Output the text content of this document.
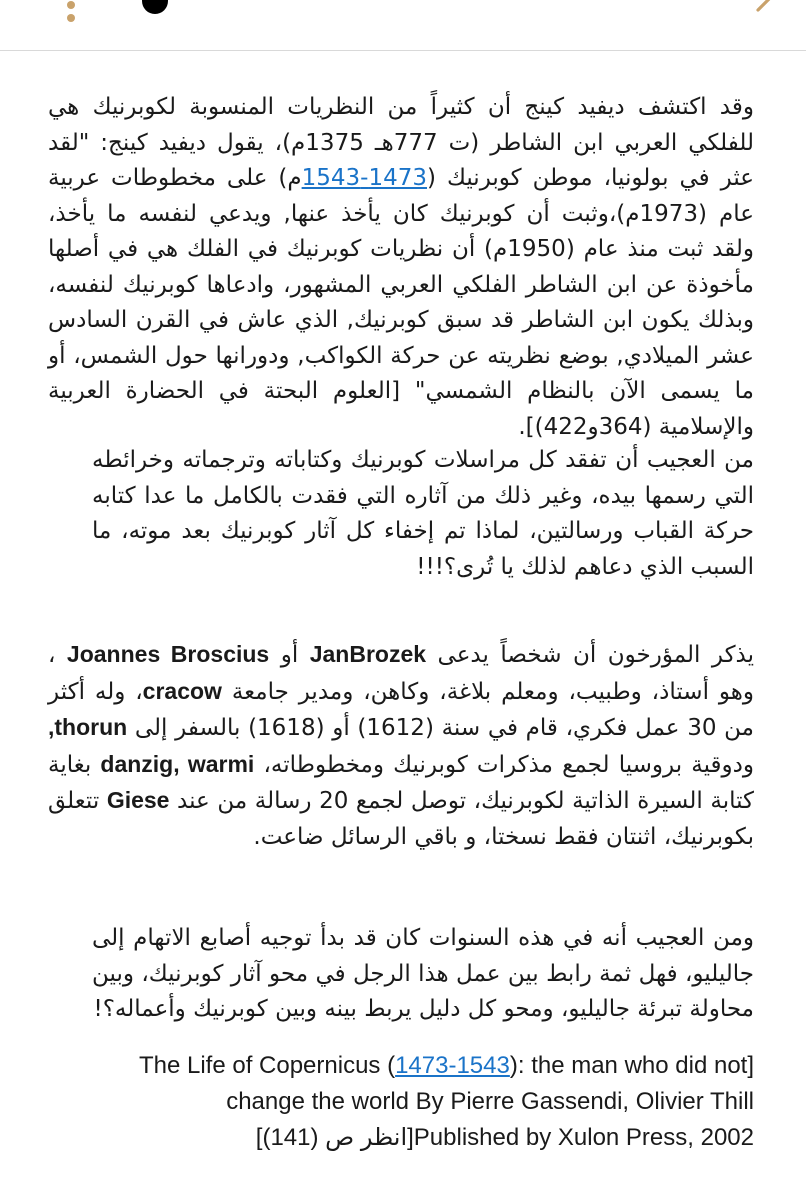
وقد اكتشف ديفيد كينج أن كثيراً من النظريات المنسوبة لكوبرنيك هي للفلكي العربي ابن الشاطر (ت 777هـ 1375م)، يقول ديفيد كينج: "لقد عثر في بولونيا، موطن كوبرنيك (1473-1543م) على مخطوطات عربية عام (1973م)،وثبت أن كوبرنيك كان يأخذ عنها, ويدعي لنفسه ما يأخذ، ولقد ثبت منذ عام (1950م) أن نظريات كوبرنيك في الفلك هي في أصلها مأخوذة عن ابن الشاطر الفلكي العربي المشهور، وادعاها كوبرنيك لنفسه، وبذلك يكون ابن الشاطر قد سبق كوبرنيك, الذي عاش في القرن السادس عشر الميلادي, بوضع نظريته عن حركة الكواكب, ودورانها حول الشمس، أو ما يسمى الآن بالنظام الشمسي" [العلوم البحتة في الحضارة العربية والإسلامية (364و422)].

من العجيب أن تفقد كل مراسلات كوبرنيك وكتاباته وترجماته وخرائطه التي رسمها بيده، وغير ذلك من آثاره التي فقدت بالكامل ما عدا كتابه حركة القباب ورسالتين، لماذا تم إخفاء كل آثار كوبرنيك بعد موته، ما السبب الذي دعاهم لذلك يا تُرى؟!!!

يذكر المؤرخون أن شخصاً يدعى JanBrozek أو Joannes Broscius ، وهو أستاذ، وطبيب، ومعلم بلاغة، وكاهن، ومدير جامعة cracow، وله أكثر من 30 عمل فكري، قام في سنة (1612) أو (1618) بالسفر إلى thorun, ودوقية بروسيا لجمع مذكرات كوبرنيك ومخطوطاته، danzig, warmi بغاية كتابة السيرة الذاتية لكوبرنيك، توصل لجمع 20 رسالة من عند Giese تتعلق بكوبرنيك، اثنتان فقط نسختا، و باقي الرسائل ضاعت.

ومن العجيب أنه في هذه السنوات كان قد بدأ توجيه أصابع الاتهام إلى جاليليو، فهل ثمة رابط بين عمل هذا الرجل في محو آثار كوبرنيك، وبين محاولة تبرئة جاليليو، ومحو كل دليل يربط بينه وبين كوبرنيك وأعماله؟!

The Life of Copernicus (1473-1543): the man who did not]
change the world By Pierre Gassendi, Olivier Thill
[انظر ص (141)]Published by Xulon Press, 2002
